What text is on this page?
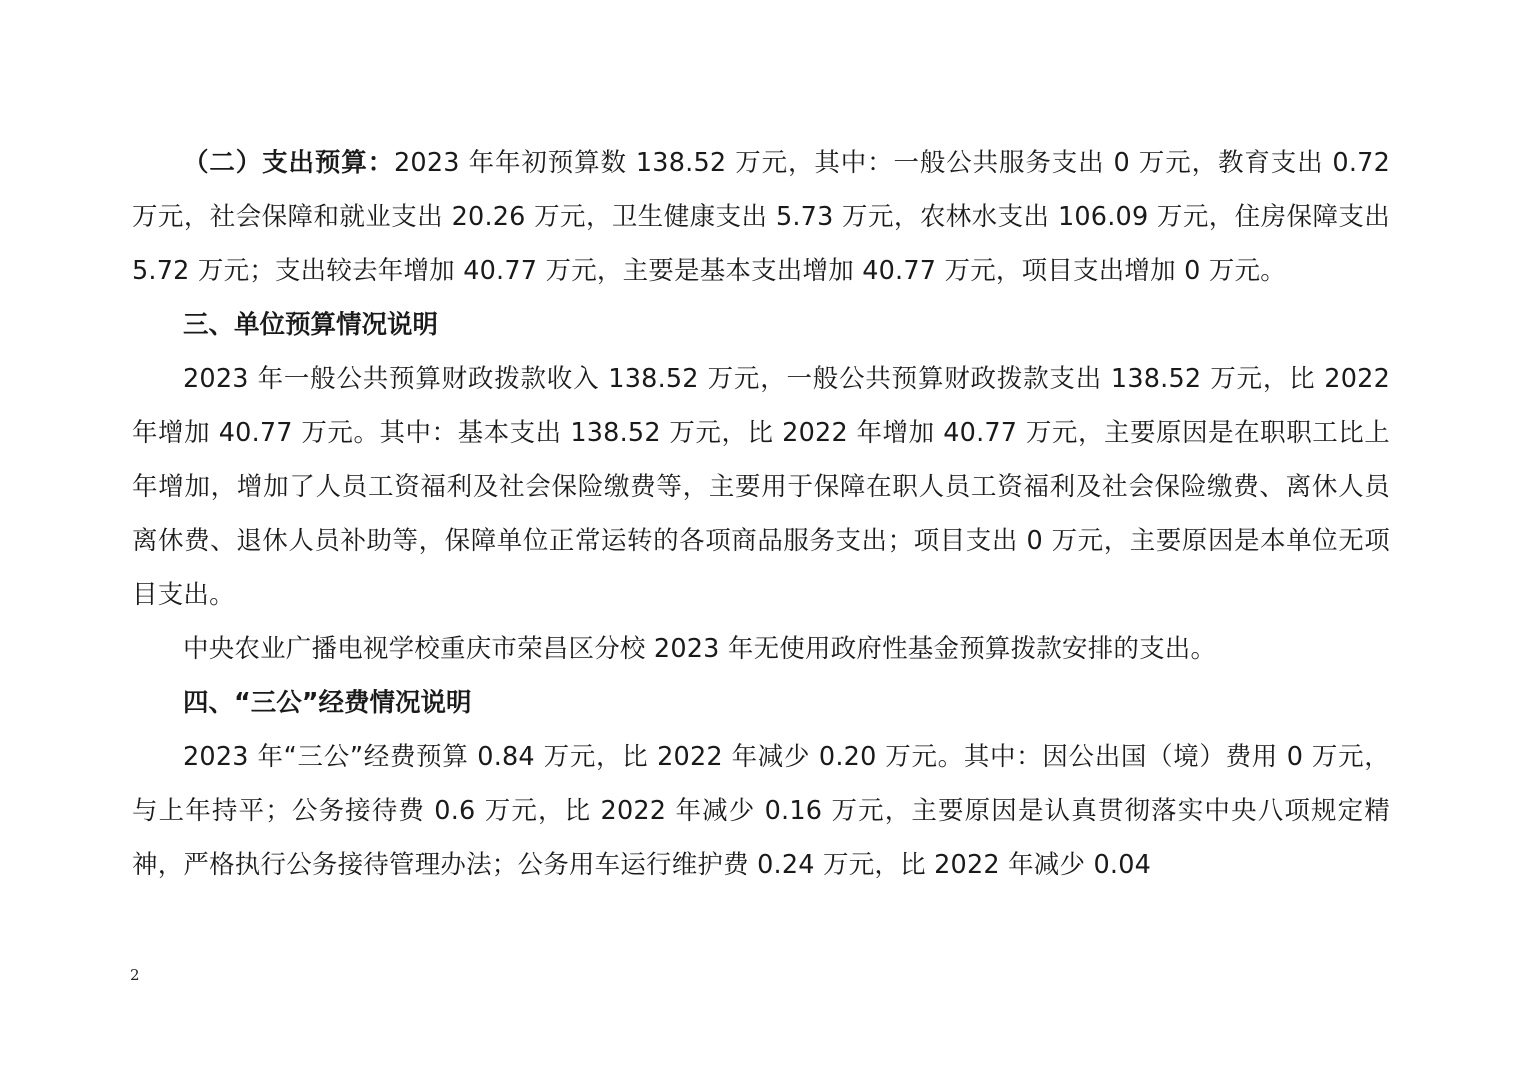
（二）支出预算：2023 年年初预算数 138.52 万元，其中：一般公共服务支出 0 万元，教育支出 0.72 万元，社会保障和就业支出 20.26 万元，卫生健康支出 5.73 万元，农林水支出 106.09 万元，住房保障支出 5.72 万元；支出较去年增加 40.77 万元，主要是基本支出增加 40.77 万元，项目支出增加 0 万元。

三、单位预算情况说明

2023 年一般公共预算财政拨款收入 138.52 万元，一般公共预算财政拨款支出 138.52 万元，比 2022 年增加 40.77 万元。其中：基本支出 138.52 万元，比 2022 年增加 40.77 万元，主要原因是在职职工比上年增加，增加了人员工资福利及社会保险缴费等，主要用于保障在职人员工资福利及社会保险缴费、离休人员离休费、退休人员补助等，保障单位正常运转的各项商品服务支出；项目支出 0 万元，主要原因是本单位无项目支出。

中央农业广播电视学校重庆市荣昌区分校 2023 年无使用政府性基金预算拨款安排的支出。

四、“三公”经费情况说明

2023 年“三公”经费预算 0.84 万元，比 2022 年减少 0.20 万元。其中：因公出国（境）费用 0 万元，与上年持平；公务接待费 0.6 万元，比 2022 年减少 0.16 万元，主要原因是认真贯彻落实中央八项规定精神，严格执行公务接待管理办法；公务用车运行维护费 0.24 万元，比 2022 年减少 0.04

2
